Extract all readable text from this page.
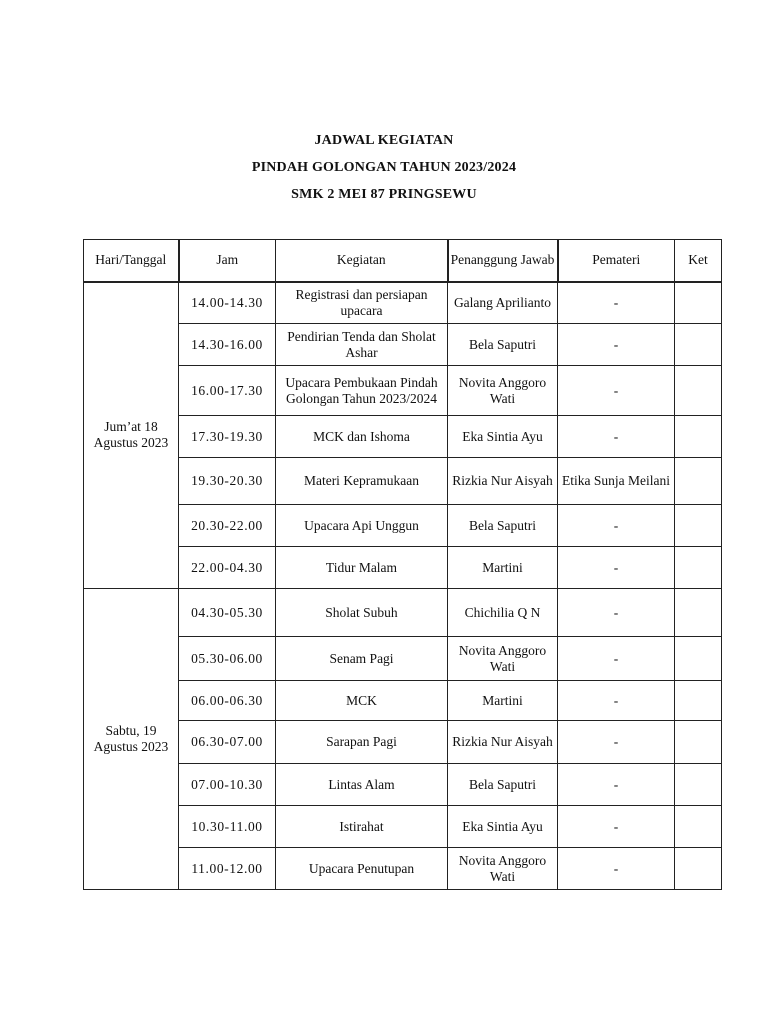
JADWAL KEGIATAN
PINDAH GOLONGAN TAHUN 2023/2024
SMK 2 MEI 87 PRINGSEWU
Hari/Tanggal	Jam	Kegiatan	Penanggung Jawab	Pemateri	Ket
Jum’at 18 Agustus 2023	14.00-14.30	Registrasi dan persiapan upacara	Galang Aprilianto	-	
	14.30-16.00	Pendirian Tenda dan Sholat Ashar	Bela Saputri	-	
	16.00-17.30	Upacara Pembukaan Pindah Golongan Tahun 2023/2024	Novita Anggoro Wati	-	
	17.30-19.30	MCK dan Ishoma	Eka Sintia Ayu	-	
	19.30-20.30	Materi Kepramukaan	Rizkia Nur Aisyah	Etika Sunja Meilani	
	20.30-22.00	Upacara Api Unggun	Bela Saputri	-	
	22.00-04.30	Tidur Malam	Martini	-	
Sabtu, 19 Agustus 2023	04.30-05.30	Sholat Subuh	Chichilia Q N	-	
	05.30-06.00	Senam Pagi	Novita Anggoro Wati	-	
	06.00-06.30	MCK	Martini	-	
	06.30-07.00	Sarapan Pagi	Rizkia Nur Aisyah	-	
	07.00-10.30	Lintas Alam	Bela Saputri	-	
	10.30-11.00	Istirahat	Eka Sintia Ayu	-	
	11.00-12.00	Upacara Penutupan	Novita Anggoro Wati	-	
